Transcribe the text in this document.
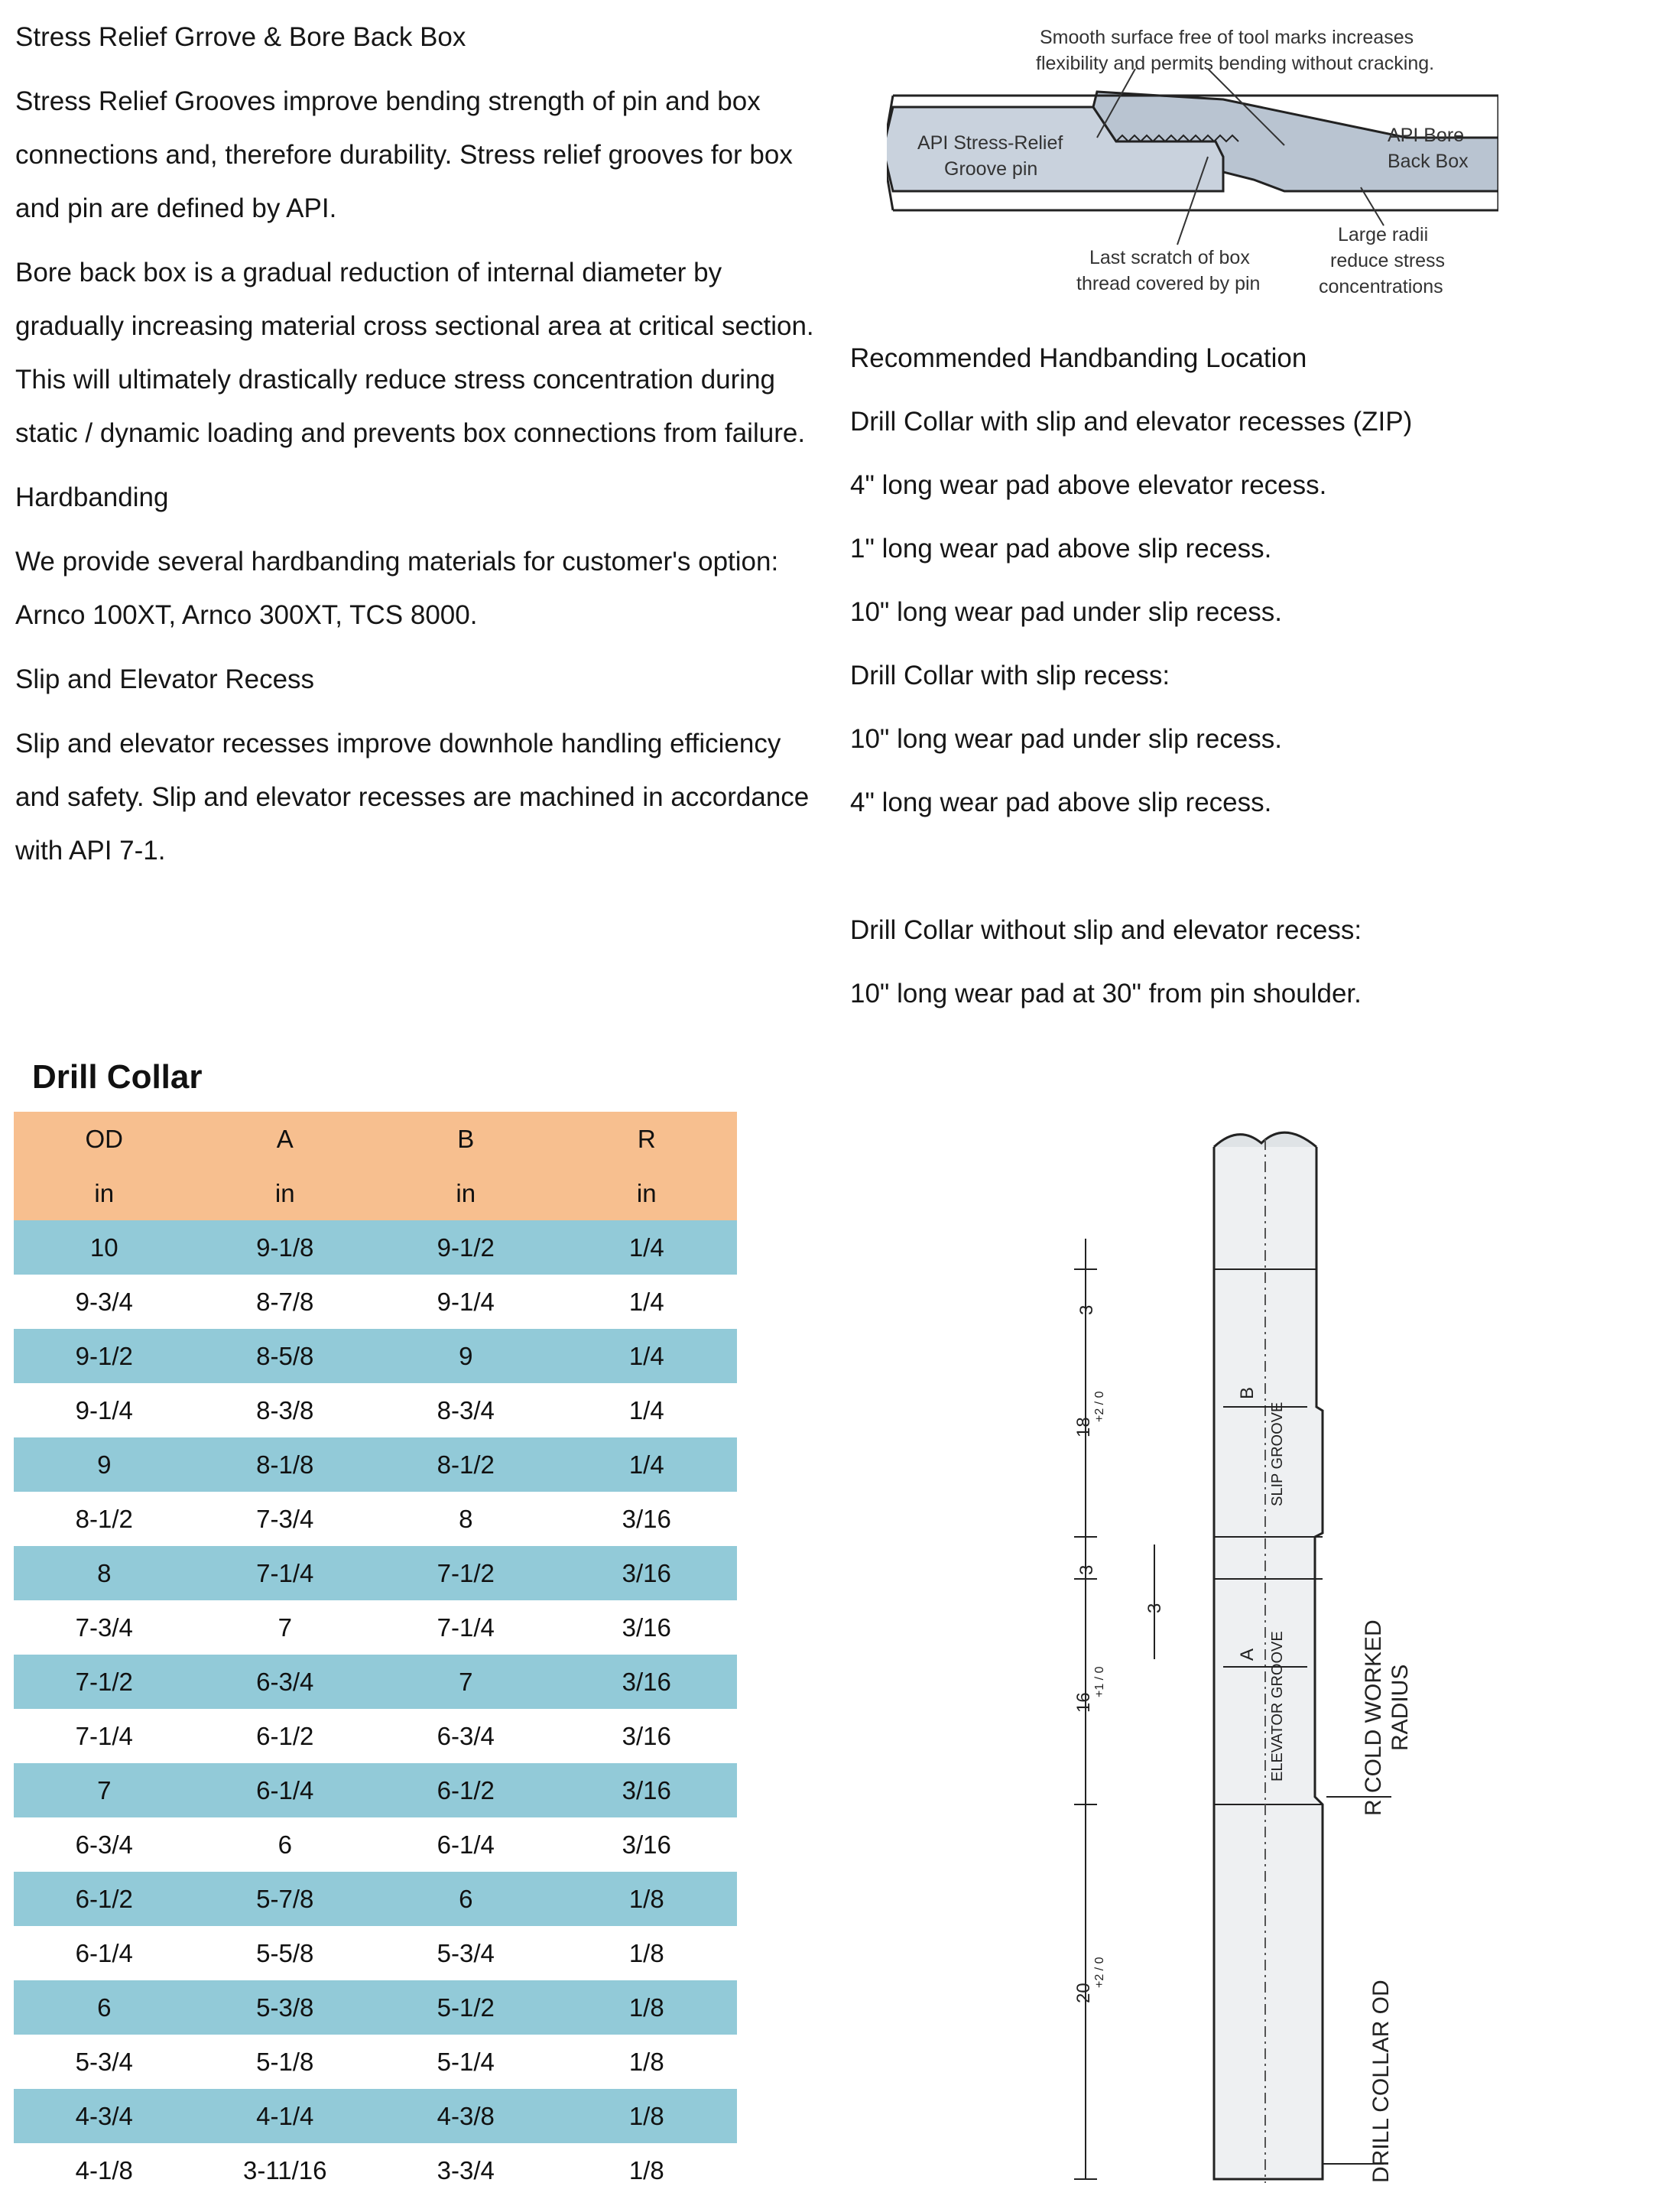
Stress Relief Grrove & Bore Back Box

Stress Relief Grooves improve bending strength of pin and box connections and, therefore durability. Stress relief grooves for box and pin are defined by API.

Bore back box is a gradual reduction of internal diameter by gradually increasing material cross sectional area at critical section. This will ultimately drastically reduce stress concentration during static / dynamic loading and prevents box connections from failure.

Hardbanding

We provide several hardbanding materials for customer's option: Arnco 100XT, Arnco 300XT, TCS 8000.

Slip and Elevator Recess

Slip and elevator recesses improve downhole handling efficiency and safety. Slip and elevator recesses are machined in accordance with API 7-1.

Smooth surface free of tool marks increases
flexibility and permits bending without cracking.
API Stress-Relief
Groove pin
API Bore
Back Box
Last scratch of box
thread covered by pin
Large radii
reduce stress
concentrations
Recommended Handbanding Location
Drill Collar with slip and elevator recesses (ZIP)
4" long wear pad above elevator recess.
1" long wear pad above slip recess.
10" long wear pad under slip recess.
Drill Collar with slip recess:
10" long wear pad under slip recess.
4" long wear pad above slip recess.
Drill Collar without slip and elevator recess:
10" long wear pad at 30" from pin shoulder.
Drill Collar
OD	A	B	R
in	in	in	in
10	9-1/8	9-1/2	1/4
9-3/4	8-7/8	9-1/4	1/4
9-1/2	8-5/8	9	1/4
9-1/4	8-3/8	8-3/4	1/4
9	8-1/8	8-1/2	1/4
8-1/2	7-3/4	8	3/16
8	7-1/4	7-1/2	3/16
7-3/4	7	7-1/4	3/16
7-1/2	6-3/4	7	3/16
7-1/4	6-1/2	6-3/4	3/16
7	6-1/4	6-1/2	3/16
6-3/4	6	6-1/4	3/16
6-1/2	5-7/8	6	1/8
6-1/4	5-5/8	5-3/4	1/8
6	5-3/8	5-1/2	1/8
5-3/4	5-1/8	5-1/4	1/8
4-3/4	4-1/4	4-3/8	1/8
4-1/8	3-11/16	3-3/4	1/8
3
18
+2 / 0
3
3
16
+1 / 0
20
+2 / 0
B
A
SLIP GROOVE
ELEVATOR GROOVE	R COLD WORKED RADIUS
DRILL COLLAR OD
